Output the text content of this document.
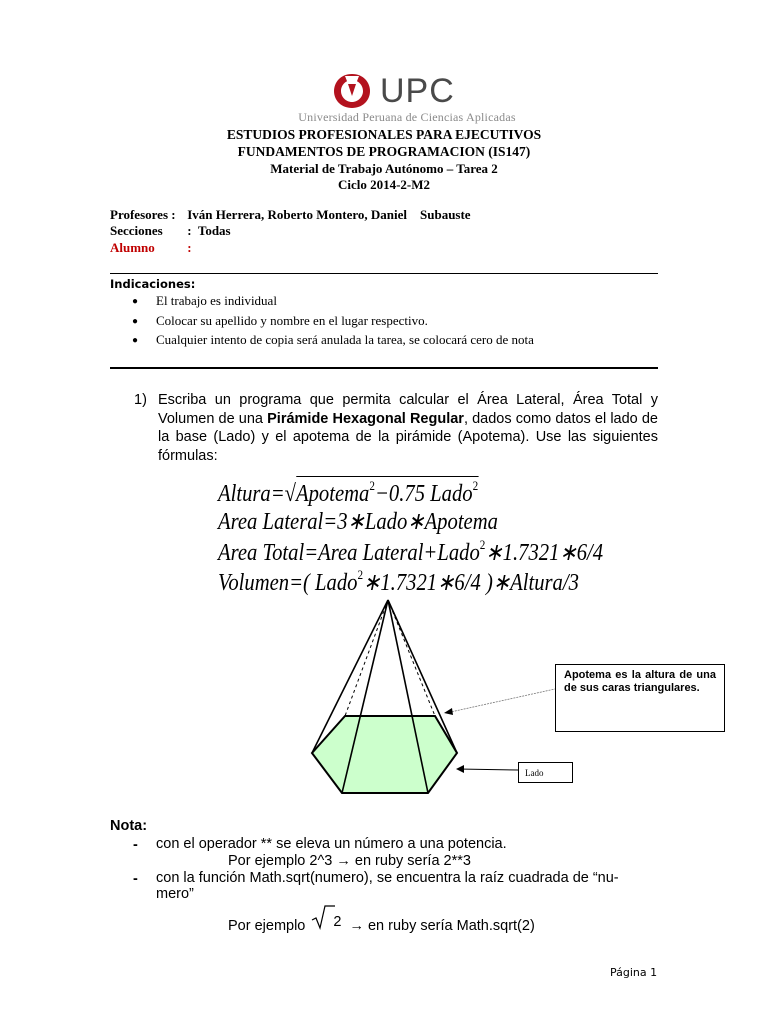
UPC
Universidad Peruana de Ciencias Aplicadas
ESTUDIOS PROFESIONALES PARA EJECUTIVOS
FUNDAMENTOS DE PROGRAMACION (IS147)
Material de Trabajo Autónomo – Tarea 2
Ciclo 2014-2-M2
Profesores : Iván Herrera, Roberto Montero, Daniel    Subauste
Secciones :  Todas
Alumno :
Indicaciones:
● El trabajo es individual
● Colocar su apellido y nombre en el lugar respectivo.
● Cualquier intento de copia será anulada la tarea, se colocará cero de nota
1) Escriba un programa que permita calcular el Área Lateral, Área Total y Volumen de una Pirámide Hexagonal Regular, dados como datos el lado de la base (Lado) y el apotema de la pirámide (Apotema). Use las siguientes fórmulas:
Altura=√Apotema$^2$−0.75 Lado$^2$
Area Lateral=3∗Lado∗Apotema
Area Total=Area Lateral+Lado$^2$∗1.7321∗6/4
Volumen=( Lado$^2$∗1.7321∗6/4 )∗Altura/3
Apotema es la altura de una de sus caras triangulares.
Lado
Nota:
- con el operador ** se eleva un número a una potencia.
Por ejemplo 2^3 → en ruby sería 2**3
- con la función Math.sqrt(numero), se encuentra la raíz cuadrada de “nu-
mero”
Por ejemplo 2 → en ruby sería Math.sqrt(2)
Página 1
